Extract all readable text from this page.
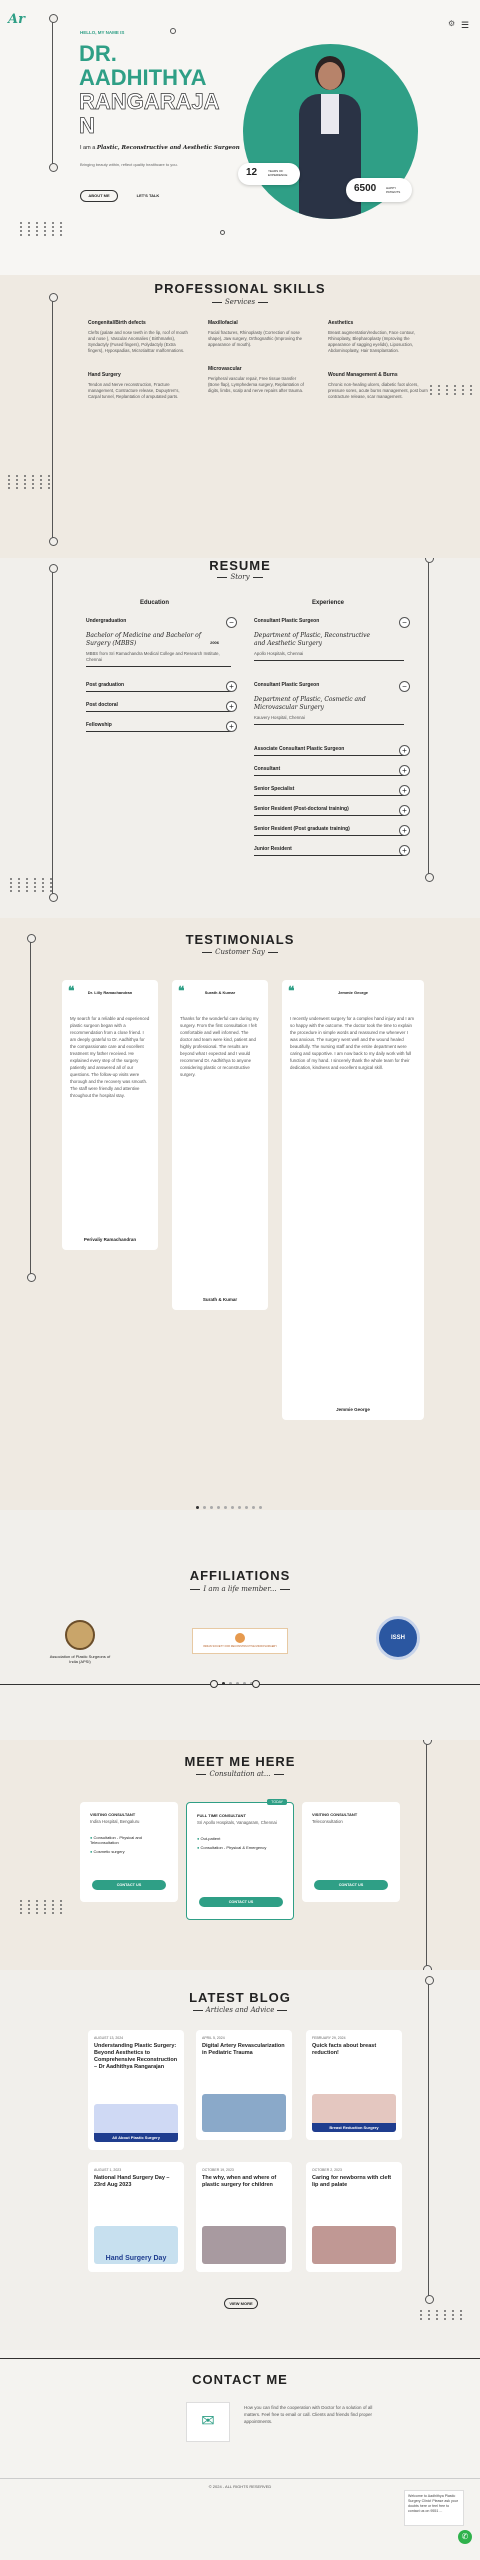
Ar	☰
⚙
HELLO, MY NAME IS
DR.
AADHITHYA
RANGARAJA
N
I am a Plastic, Reconstructive and Aesthetic Surgeon
Bringing beauty within, reflect quality healthcare to you.
ABOUT ME	LET'S TALK
12	YEARS OF EXPERIENCE
6500	HAPPY PATIENTS
PROFESSIONAL SKILLS
Services
Congenital/Birth defects
Clefts (palate and nose teeth in the lip, roof of mouth and nose ), Vascular Anomalies ( Birthmarks), Syndactyly (Fused fingers), Polydactyly (Extra fingers), Hypospadias, Microtia/Ear malformations.
Hand Surgery
Tendon and Nerve reconstruction, Fracture management, Contracture release, Dupuytren's, Carpal tunnel, Replantation of amputated parts.
Maxillofacial
Facial fractures, Rhinoplasty (Correction of nose shape), Jaw surgery, Orthognathic (Improving the appearance of mouth).
Microvascular
Peripheral vascular repair, Free tissue transfer (Bone flap), Lymphedema surgery, Replantation of digits, limbs, scalp and nerve repairs after trauma.
Aesthetics
Breast augmentation/reduction, Face contour, Rhinoplasty, Blepharoplasty (Improving the appearance of sagging eyelids), Liposuction, Abdominoplasty, Hair transplantation.
Wound Management & Burns
Chronic non-healing ulcers, diabetic foot ulcers, pressure sores, acute burns management, post burn contracture release, scar management.
RESUME
Story
Education	Experience
Undergraduation	−
Bachelor of Medicine and Bachelor of Surgery (MBBS)
MBBS from Sri Ramachandra Medical College and Research Institute, Chennai
2006
Post graduation	+
Post doctoral	+
Fellowship	+
Consultant Plastic Surgeon	−
Department of Plastic, Reconstructive and Aesthetic Surgery
Apollo Hospitals, Chennai
Consultant Plastic Surgeon	−
Department of Plastic, Cosmetic and Microvascular Surgery
Kauvery Hospital, Chennai
Associate Consultant Plastic Surgeon	+
Consultant	+
Senior Specialist	+
Senior Resident (Post-doctoral training)	+
Senior Resident (Post graduate training)	+
Junior Resident	+
TESTIMONIALS
Customer Say
❝	Dr. Lilly Ramachandran
My search for a reliable and experienced plastic surgeon began with a recommendation from a close friend. I am deeply grateful to Dr. Aadhithya for the compassionate care and excellent treatment my father received. He explained every step of the surgery patiently and answered all of our questions. The follow-up visits were thorough and the recovery was smooth. The staff were friendly and attentive throughout the hospital stay.
Perivaliy Ramachandran
❝	Surath & Kumar
Thanks for the wonderful care during my surgery. From the first consultation I felt comfortable and well informed. The doctor and team were kind, patient and highly professional. The results are beyond what I expected and I would recommend Dr. Aadhithya to anyone considering plastic or reconstructive surgery.
Surath & Kumar
❝	Jemmie George
I recently underwent surgery for a complex hand injury and I am so happy with the outcome. The doctor took the time to explain the procedure in simple words and reassured me whenever I was anxious. The surgery went well and the wound healed beautifully. The nursing staff and the entire department were caring and supportive. I am now back to my daily work with full function of my hand. I sincerely thank the whole team for their dedication, kindness and excellent surgical skill.
Jemmie George
AFFILIATIONS
I am a life member...
Association of Plastic Surgeons of India (APSI)
INDIAN SOCIETY FOR RECONSTRUCTIVE MICROSURGERY
ISSH
MEET ME HERE
Consultation at...
VISITING CONSULTANT
Indira Hospital, Bengaluru
● Consultation - Physical and Teleconsultation
● Cosmetic surgery
CONTACT US
TODAY
FULL TIME CONSULTANT
Sri Apollo Hospitals, Vanagaram, Chennai
● Out-patient
● Consultation - Physical & Emergency
CONTACT US
VISITING CONSULTANT
Teleconsultation
CONTACT US
LATEST BLOG
Articles and Advice
AUGUST 13, 2024
Understanding Plastic Surgery: Beyond Aesthetics to Comprehensive Reconstruction – Dr Aadhithya Rangarajan
All About Plastic Surgery
APRIL 5, 2024
Digital Artery Revascularization in Pediatric Trauma
FEBRUARY 29, 2024
Quick facts about breast reduction!
Breast Reduction Surgery
AUGUST 1, 2023
National Hand Surgery Day – 23rd Aug 2023
Hand Surgery Day
OCTOBER 19, 2023
The why, when and where of plastic surgery for children
OCTOBER 2, 2023
Caring for newborns with cleft lip and palate
VIEW MORE
CONTACT ME
✉
How you can find the cooperation with Doctor for a solution of all matters. Feel free to email or call. Clients and friends find proper appointments.
© 2024 - ALL RIGHTS RESERVED
Welcome to Aadhithya Plastic Surgery Clinic! Please ask your doubts here or feel free to contact us on 9551 ...
✆
